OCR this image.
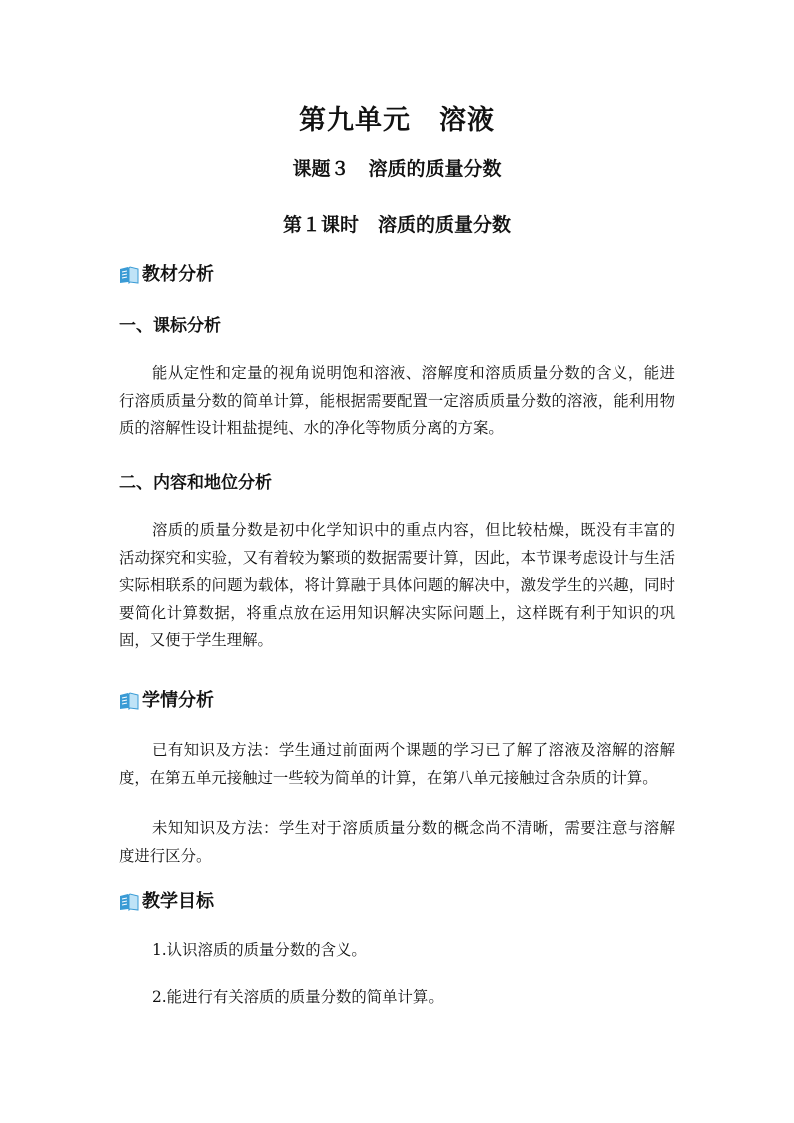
第九单元　溶液
课题３　溶质的质量分数
第１课时　溶质的质量分数
教材分析
一、课标分析

能从定性和定量的视角说明饱和溶液、溶解度和溶质质量分数的含义，能进行溶质质量分数的简单计算，能根据需要配置一定溶质质量分数的溶液，能利用物质的溶解性设计粗盐提纯、水的净化等物质分离的方案。

二、内容和地位分析

溶质的质量分数是初中化学知识中的重点内容，但比较枯燥，既没有丰富的活动探究和实验，又有着较为繁琐的数据需要计算，因此，本节课考虑设计与生活实际相联系的问题为载体，将计算融于具体问题的解决中，激发学生的兴趣，同时要简化计算数据，将重点放在运用知识解决实际问题上，这样既有利于知识的巩固，又便于学生理解。

学情分析

已有知识及方法：学生通过前面两个课题的学习已了解了溶液及溶解的溶解度，在第五单元接触过一些较为简单的计算，在第八单元接触过含杂质的计算。

未知知识及方法：学生对于溶质质量分数的概念尚不清晰，需要注意与溶解度进行区分。

教学目标

1.认识溶质的质量分数的含义。

2.能进行有关溶质的质量分数的简单计算。
